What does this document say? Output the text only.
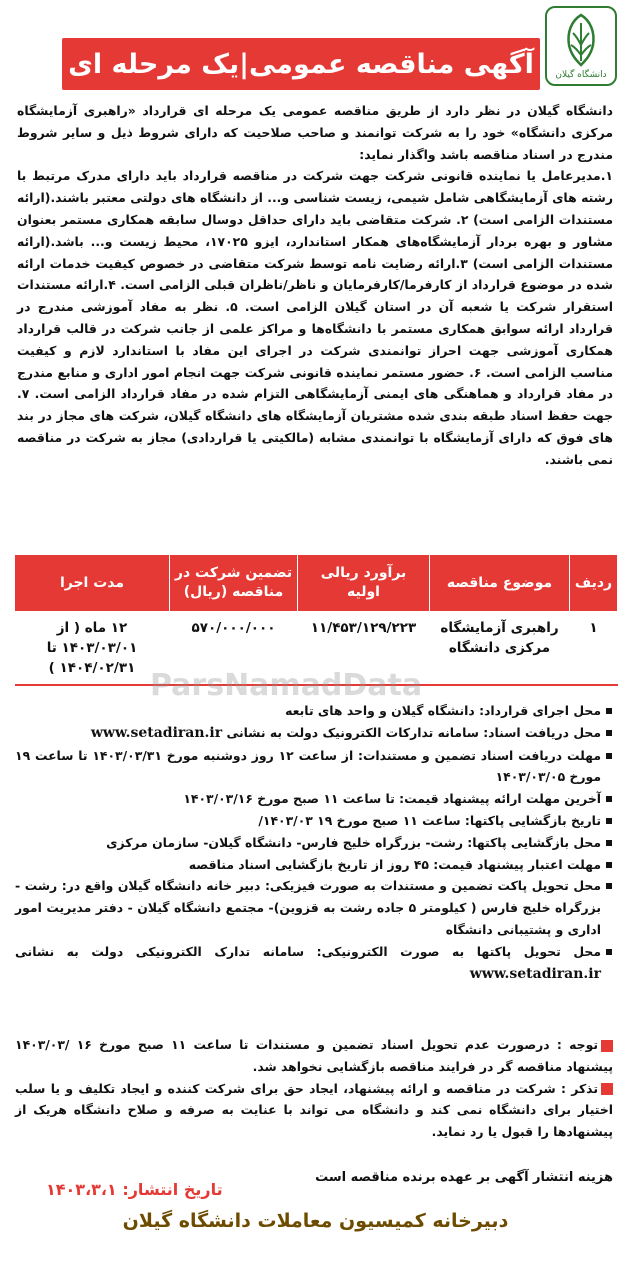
دانشگاه گیلان
آگهی مناقصه عمومی|یک مرحله ای

دانشگاه گیلان در نظر دارد از طریق مناقصه عمومی یک مرحله ای قرارداد «راهبری آزمایشگاه مرکزی دانشگاه» خود را به شرکت توانمند و صاحب صلاحیت که دارای شروط ذیل و سایر شروط مندرج در اسناد مناقصه باشد واگذار نماید:

۱.مدیرعامل یا نماینده قانونی شرکت جهت شرکت در مناقصه قرارداد باید دارای مدرک مرتبط با رشته های آزمایشگاهی شامل شیمی، زیست شناسی و... از دانشگاه های دولتی معتبر باشند.(ارائه مستندات الزامی است) ۲. شرکت متقاضی باید دارای حداقل دوسال سابقه همکاری مستمر بعنوان مشاور و بهره بردار آزمایشگاه‌های همکار استاندارد، ایزو ۱۷۰۲۵، محیط زیست و... باشد.(ارائه مستندات الزامی است) ۳.ارائه رضایت نامه توسط شرکت متقاضی در خصوص کیفیت خدمات ارائه شده در موضوع قرارداد از کارفرما/کارفرمایان و ناظر/ناظران قبلی الزامی است. ۴.ارائه مستندات استقرار شرکت یا شعبه آن در استان گیلان الزامی است. ۵. نظر به مفاد آموزشی مندرج در قرارداد ارائه سوابق همکاری مستمر با دانشگاه‌ها و مراکز علمی از جانب شرکت در قالب قرارداد همکاری آموزشی جهت احراز توانمندی شرکت در اجرای این مفاد با استاندارد لازم و کیفیت مناسب الزامی است. ۶. حضور مستمر نماینده قانونی شرکت جهت انجام امور اداری و منابع مندرج در مفاد قرارداد و هماهنگی های ایمنی آزمایشگاهی التزام شده در مفاد قرارداد الزامی است. ۷. جهت حفظ اسناد طبقه بندی شده مشتریان آزمایشگاه های دانشگاه گیلان، شرکت های مجاز در بند های فوق که دارای آزمایشگاه با توانمندی مشابه (مالکیتی یا قراردادی) مجاز به شرکت در مناقصه نمی باشند.

ردیف	موضوع مناقصه	برآورد ریالی اولیه	تضمین شرکت در مناقصه (ریال)	مدت اجرا
۱	راهبری آزمایشگاه مرکزی دانشگاه	۱۱/۴۵۳/۱۲۹/۲۲۳	۵۷۰/۰۰۰/۰۰۰	۱۲ ماه ( از ۱۴۰۳/۰۳/۰۱ تا ۱۴۰۴/۰۲/۳۱ ) ParsNamadData
محل اجرای قرارداد: دانشگاه گیلان و واحد های تابعه
محل دریافت اسناد: سامانه تدارکات الکترونیک دولت به نشانی www.setadiran.ir
مهلت دریافت اسناد تضمین و مستندات: از ساعت ۱۲ روز دوشنبه مورخ ۱۴۰۳/۰۳/۳۱ تا ساعت ۱۹ مورخ ۱۴۰۳/۰۳/۰۵
آخرین مهلت ارائه پیشنهاد قیمت: تا ساعت ۱۱ صبح مورخ ۱۴۰۳/۰۳/۱۶
تاریخ بازگشایی پاکتها: ساعت ۱۱ صبح مورخ ۱۹ ۱۴۰۳/۰۳/
محل بازگشایی پاکتها: رشت- بزرگراه خلیج فارس- دانشگاه گیلان- سازمان مرکزی
مهلت اعتبار پیشنهاد قیمت: ۴۵ روز از تاریخ بازگشایی اسناد مناقصه
محل تحویل پاکت تضمین و مستندات به صورت فیزیکی: دبیر خانه دانشگاه گیلان واقع در: رشت - بزرگراه خلیج فارس ( کیلومتر ۵ جاده رشت به قزوین)- مجتمع دانشگاه گیلان - دفتر مدیریت امور اداری و پشتیبانی دانشگاه
محل تحویل پاکتها به صورت الکترونیکی: سامانه تدارک الکترونیکی دولت به نشانی www.setadiran.ir

توجه : درصورت عدم تحویل اسناد تضمین و مستندات تا ساعت ۱۱ صبح مورخ ۱۶ /۱۴۰۳/۰۳ پیشنهاد مناقصه گر در فرایند مناقصه بازگشایی نخواهد شد.

تذکر : شرکت در مناقصه و ارائه پیشنهاد، ایجاد حق برای شرکت کننده و ایجاد تکلیف و یا سلب اختیار برای دانشگاه نمی کند و دانشگاه می تواند با عنایت به صرفه و صلاح دانشگاه هریک از پیشنهادها را قبول یا رد نماید.

هزینه انتشار آگهی بر عهده برنده مناقصه است
تاریخ انتشار: ۱۴۰۳،۳،۱
دبیرخانه کمیسیون معاملات دانشگاه گیلان
